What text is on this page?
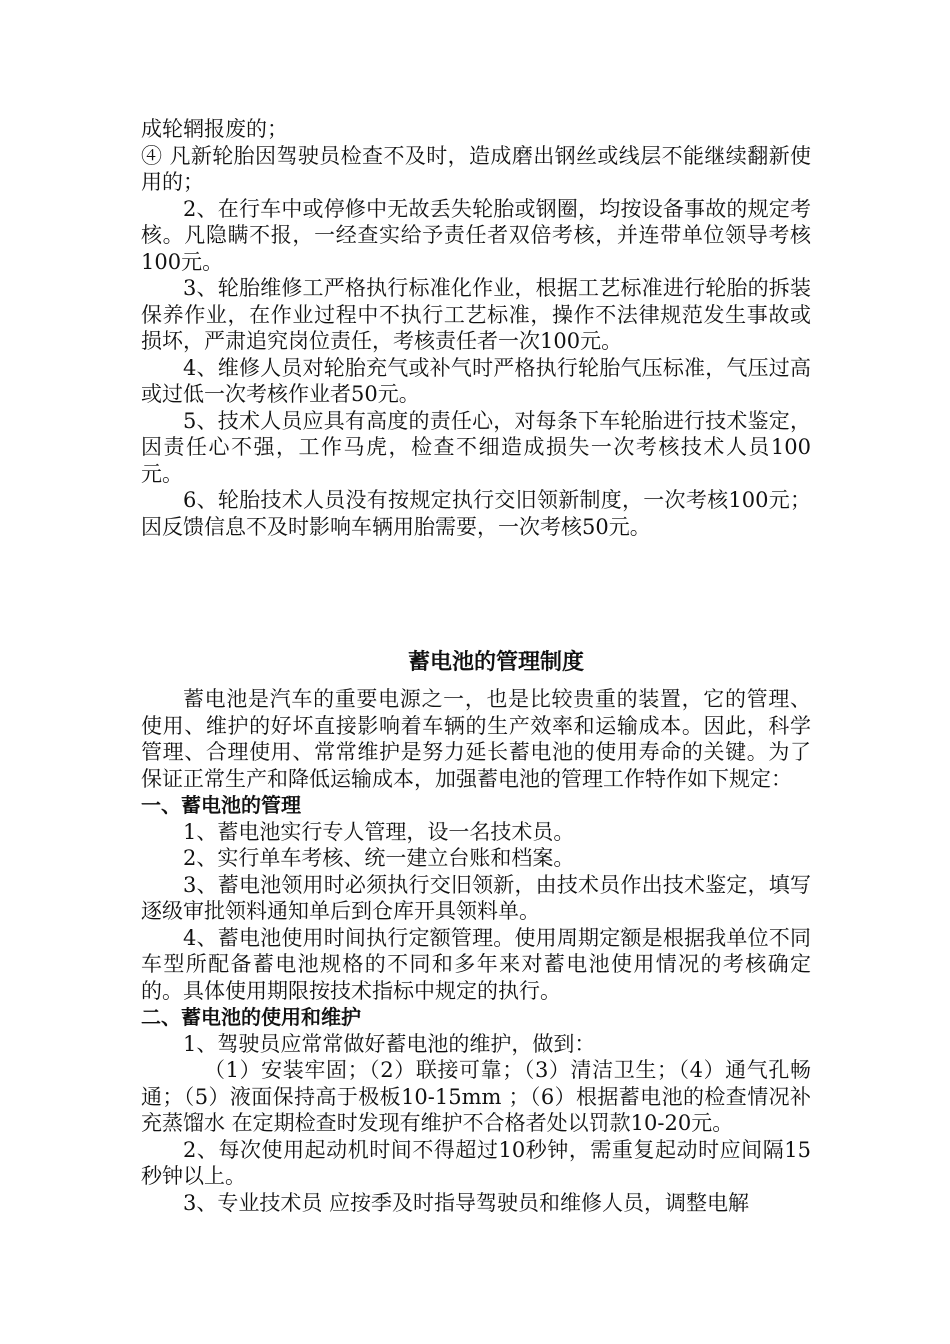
成轮辋报废的；

④ 凡新轮胎因驾驶员检查不及时，造成磨出钢丝或线层不能继续翻新使用的；

2、在行车中或停修中无故丢失轮胎或钢圈，均按设备事故的规定考核。凡隐瞒不报，一经查实给予责任者双倍考核，并连带单位领导考核100元。

3、轮胎维修工严格执行标准化作业，根据工艺标准进行轮胎的拆装保养作业，在作业过程中不执行工艺标准，操作不法律规范发生事故或损坏，严肃追究岗位责任，考核责任者一次100元。

4、维修人员对轮胎充气或补气时严格执行轮胎气压标准，气压过高或过低一次考核作业者50元。

5、技术人员应具有高度的责任心，对每条下车轮胎进行技术鉴定，因责任心不强，工作马虎，检查不细造成损失一次考核技术人员100元。

6、轮胎技术人员没有按规定执行交旧领新制度，一次考核100元；因反馈信息不及时影响车辆用胎需要，一次考核50元。

蓄电池的管理制度

蓄电池是汽车的重要电源之一，也是比较贵重的装置，它的管理、使用、维护的好坏直接影响着车辆的生产效率和运输成本。因此，科学管理、合理使用、常常维护是努力延长蓄电池的使用寿命的关键。为了保证正常生产和降低运输成本，加强蓄电池的管理工作特作如下规定：

一、蓄电池的管理

1、蓄电池实行专人管理，设一名技术员。

2、实行单车考核、统一建立台账和档案。

3、蓄电池领用时必须执行交旧领新，由技术员作出技术鉴定，填写逐级审批领料通知单后到仓库开具领料单。

4、蓄电池使用时间执行定额管理。使用周期定额是根据我单位不同车型所配备蓄电池规格的不同和多年来对蓄电池使用情况的考核确定的。具体使用期限按技术指标中规定的执行。

二、蓄电池的使用和维护

1、驾驶员应常常做好蓄电池的维护，做到：

（1）安装牢固；（2）联接可靠；（3）清洁卫生；（4）通气孔畅通；（5）液面保持高于极板10-15mm ；（6）根据蓄电池的检查情况补充蒸馏水 在定期检查时发现有维护不合格者处以罚款10-20元。

2、每次使用起动机时间不得超过10秒钟，需重复起动时应间隔15秒钟以上。

3、专业技术员 应按季及时指导驾驶员和维修人员，调整电解
